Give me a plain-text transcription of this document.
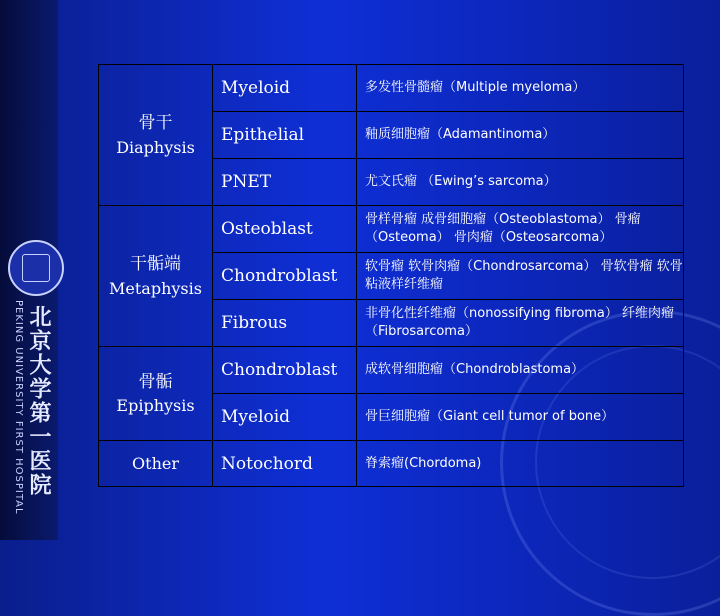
PEKING UNIVERSITY FIRST HOSPITAL 北京大学第一医院
骨干
Diaphysis	Myeloid	多发性骨髓瘤（Multiple myeloma）
	Epithelial	釉质细胞瘤（Adamantinoma）
	PNET	尤文氏瘤 （Ewing’s sarcoma）

干骺端
Metaphysis	Osteoblast	骨样骨瘤 成骨细胞瘤（Osteoblastoma） 骨瘤（Osteoma） 骨肉瘤（Osteosarcoma）
	Chondroblast	软骨瘤 软骨肉瘤（Chondrosarcoma） 骨软骨瘤 软骨粘液样纤维瘤
	Fibrous	非骨化性纤维瘤（nonossifying fibroma） 纤维肉瘤（Fibrosarcoma）

骨骺
Epiphysis	Chondroblast	成软骨细胞瘤（Chondroblastoma）
	Myeloid	骨巨细胞瘤（Giant cell tumor of bone）

Other	Notochord	脊索瘤(Chordoma)
